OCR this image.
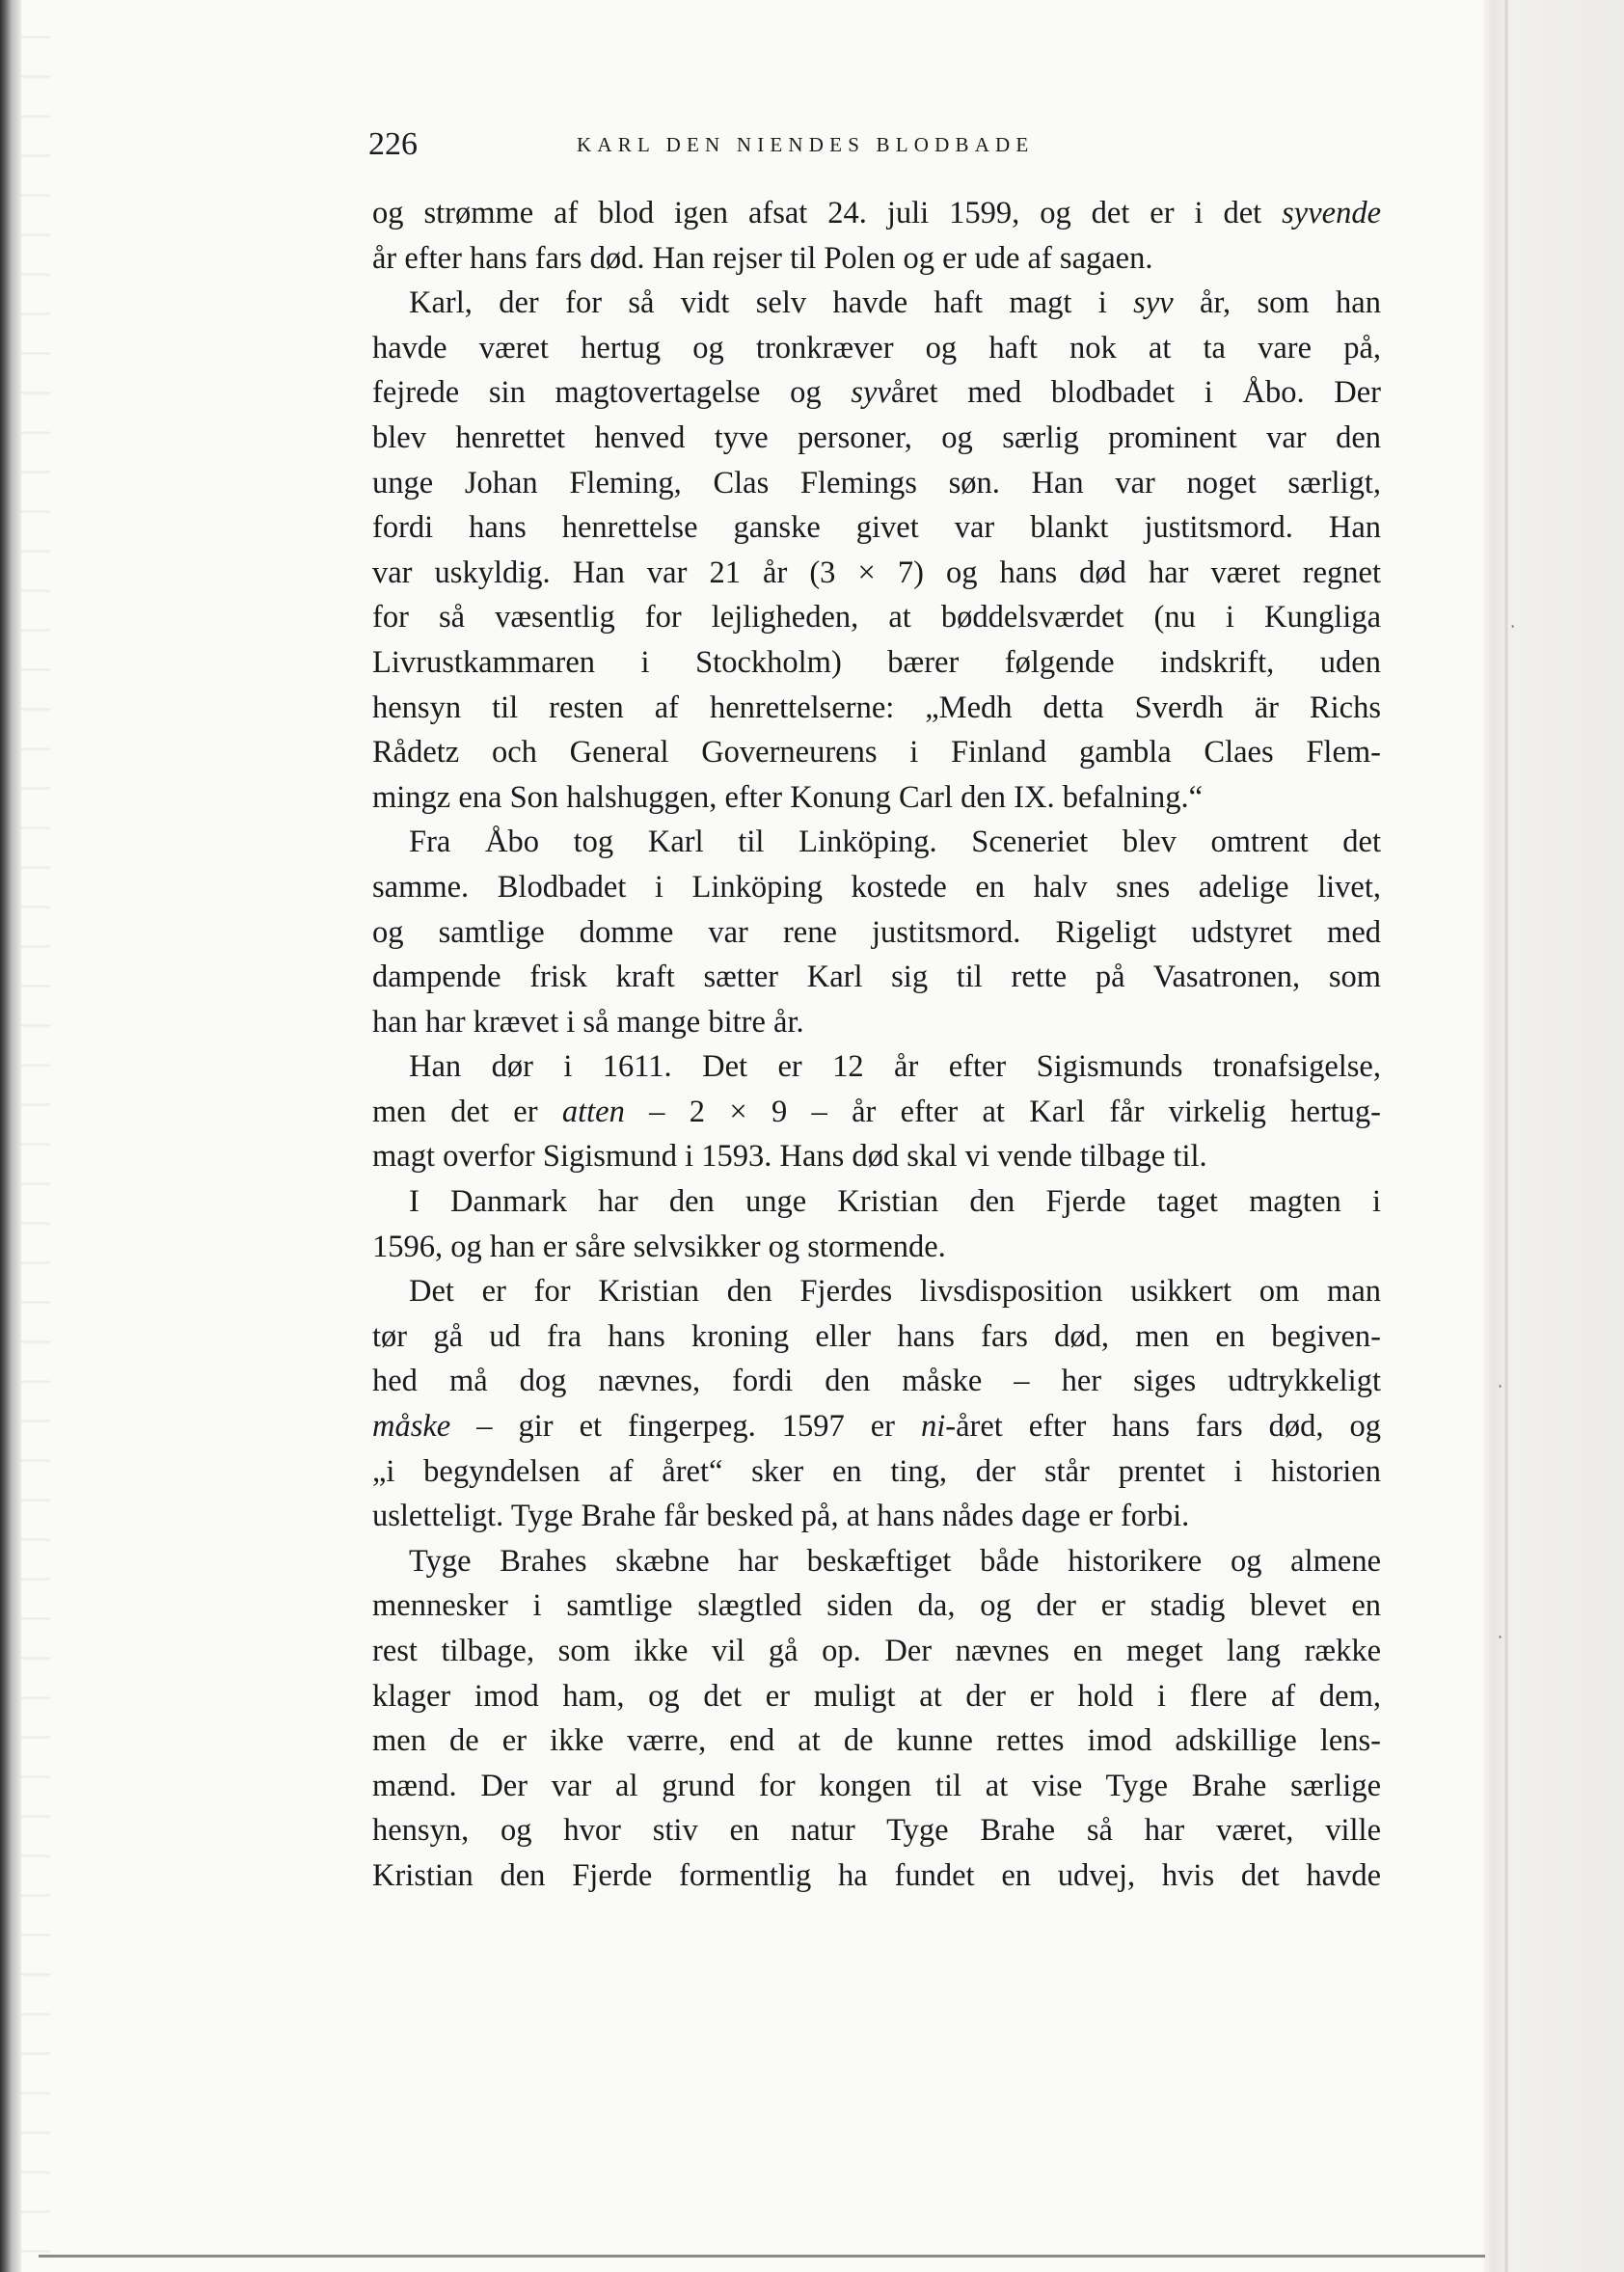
·
·
·
226	KARL DEN NIENDES BLODBADE
og strømme af blod igen afsat 24. juli 1599, og det er i det syvende
år efter hans fars død. Han rejser til Polen og er ude af sagaen.
Karl, der for så vidt selv havde haft magt i syv år, som han
havde været hertug og tronkræver og haft nok at ta vare på,
fejrede sin magtovertagelse og syvåret med blodbadet i Åbo. Der
blev henrettet henved tyve personer, og særlig prominent var den
unge Johan Fleming, Clas Flemings søn. Han var noget særligt,
fordi hans henrettelse ganske givet var blankt justitsmord. Han
var uskyldig. Han var 21 år (3 × 7) og hans død har været regnet
for så væsentlig for lejligheden, at bøddelsværdet (nu i Kungliga
Livrustkammaren i Stockholm) bærer følgende indskrift, uden
hensyn til resten af henrettelserne: „Medh detta Sverdh är Richs
Rådetz och General Governeurens i Finland gambla Claes Flem-
mingz ena Son halshuggen, efter Konung Carl den IX. befalning.“
Fra Åbo tog Karl til Linköping. Sceneriet blev omtrent det
samme. Blodbadet i Linköping kostede en halv snes adelige livet,
og samtlige domme var rene justitsmord. Rigeligt udstyret med
dampende frisk kraft sætter Karl sig til rette på Vasatronen, som
han har krævet i så mange bitre år.
Han dør i 1611. Det er 12 år efter Sigismunds tronafsigelse,
men det er atten – 2 × 9 – år efter at Karl får virkelig hertug-
magt overfor Sigismund i 1593. Hans død skal vi vende tilbage til.
I Danmark har den unge Kristian den Fjerde taget magten i
1596, og han er såre selvsikker og stormende.
Det er for Kristian den Fjerdes livsdisposition usikkert om man
tør gå ud fra hans kroning eller hans fars død, men en begiven-
hed må dog nævnes, fordi den måske – her siges udtrykkeligt
måske – gir et fingerpeg. 1597 er ni-året efter hans fars død, og
„i begyndelsen af året“ sker en ting, der står prentet i historien
uslettеligt. Tyge Brahe får besked på, at hans nådes dage er forbi.
Tyge Brahes skæbne har beskæftiget både historikere og almene
mennesker i samtlige slægtled siden da, og der er stadig blevet en
rest tilbage, som ikke vil gå op. Der nævnes en meget lang række
klager imod ham, og det er muligt at der er hold i flere af dem,
men de er ikke værre, end at de kunne rettes imod adskillige lens-
mænd. Der var al grund for kongen til at vise Tyge Brahe særlige
hensyn, og hvor stiv en natur Tyge Brahe så har været, ville
Kristian den Fjerde formentlig ha fundet en udvej, hvis det havde
